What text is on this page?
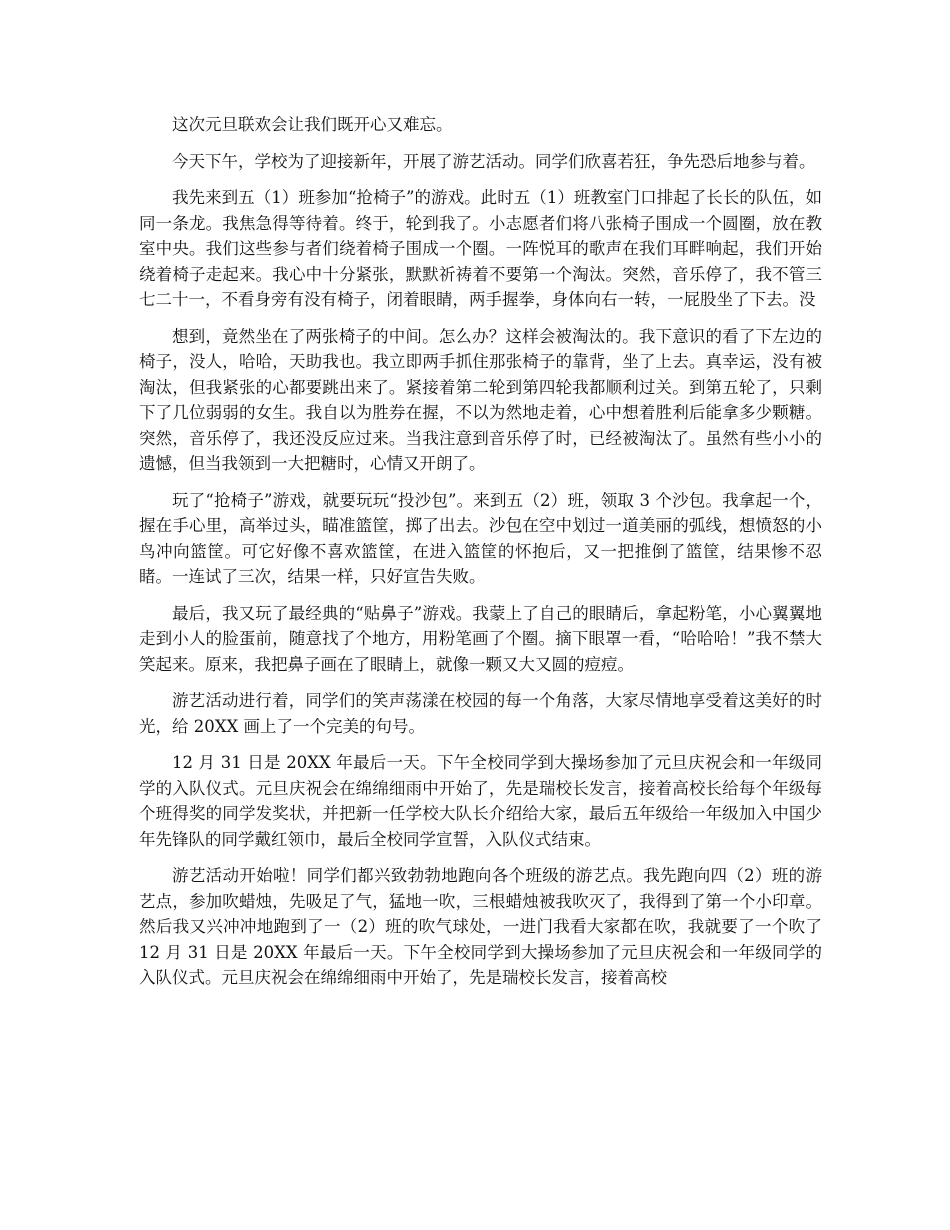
这次元旦联欢会让我们既开心又难忘。

今天下午，学校为了迎接新年，开展了游艺活动。同学们欣喜若狂，争先恐后地参与着。

我先来到五（1）班参加“抢椅子”的游戏。此时五（1）班教室门口排起了长长的队伍，如同一条龙。我焦急得等待着。终于，轮到我了。小志愿者们将八张椅子围成一个圆圈，放在教室中央。我们这些参与者们绕着椅子围成一个圈。一阵悦耳的歌声在我们耳畔响起，我们开始绕着椅子走起来。我心中十分紧张，默默祈祷着不要第一个淘汰。突然，音乐停了，我不管三七二十一，不看身旁有没有椅子，闭着眼睛，两手握拳，身体向右一转，一屁股坐了下去。没

想到，竟然坐在了两张椅子的中间。怎么办？这样会被淘汰的。我下意识的看了下左边的椅子，没人，哈哈，天助我也。我立即两手抓住那张椅子的靠背，坐了上去。真幸运，没有被淘汰，但我紧张的心都要跳出来了。紧接着第二轮到第四轮我都顺利过关。到第五轮了，只剩下了几位弱弱的女生。我自以为胜券在握，不以为然地走着，心中想着胜利后能拿多少颗糖。突然，音乐停了，我还没反应过来。当我注意到音乐停了时，已经被淘汰了。虽然有些小小的遗憾，但当我领到一大把糖时，心情又开朗了。

玩了“抢椅子”游戏，就要玩玩“投沙包”。来到五（2）班，领取 3 个沙包。我拿起一个，握在手心里，高举过头，瞄准篮筐，掷了出去。沙包在空中划过一道美丽的弧线，想愤怒的小鸟冲向篮筐。可它好像不喜欢篮筐，在进入篮筐的怀抱后，又一把推倒了篮筐，结果惨不忍睹。一连试了三次，结果一样，只好宣告失败。

最后，我又玩了最经典的“贴鼻子”游戏。我蒙上了自己的眼睛后，拿起粉笔，小心翼翼地走到小人的脸蛋前，随意找了个地方，用粉笔画了个圈。摘下眼罩一看，“哈哈哈！”我不禁大笑起来。原来，我把鼻子画在了眼睛上，就像一颗又大又圆的痘痘。

游艺活动进行着，同学们的笑声荡漾在校园的每一个角落，大家尽情地享受着这美好的时光，给 20XX 画上了一个完美的句号。

12 月 31 日是 20XX 年最后一天。下午全校同学到大操场参加了元旦庆祝会和一年级同学的入队仪式。元旦庆祝会在绵绵细雨中开始了，先是瑞校长发言，接着高校长给每个年级每个班得奖的同学发奖状，并把新一任学校大队长介绍给大家，最后五年级给一年级加入中国少年先锋队的同学戴红领巾，最后全校同学宣誓，入队仪式结束。

游艺活动开始啦！同学们都兴致勃勃地跑向各个班级的游艺点。我先跑向四（2）班的游艺点，参加吹蜡烛，先吸足了气，猛地一吹，三根蜡烛被我吹灭了，我得到了第一个小印章。然后我又兴冲冲地跑到了一（2）班的吹气球处，一进门我看大家都在吹，我就要了一个吹了 12 月 31 日是 20XX 年最后一天。下午全校同学到大操场参加了元旦庆祝会和一年级同学的入队仪式。元旦庆祝会在绵绵细雨中开始了，先是瑞校长发言，接着高校
